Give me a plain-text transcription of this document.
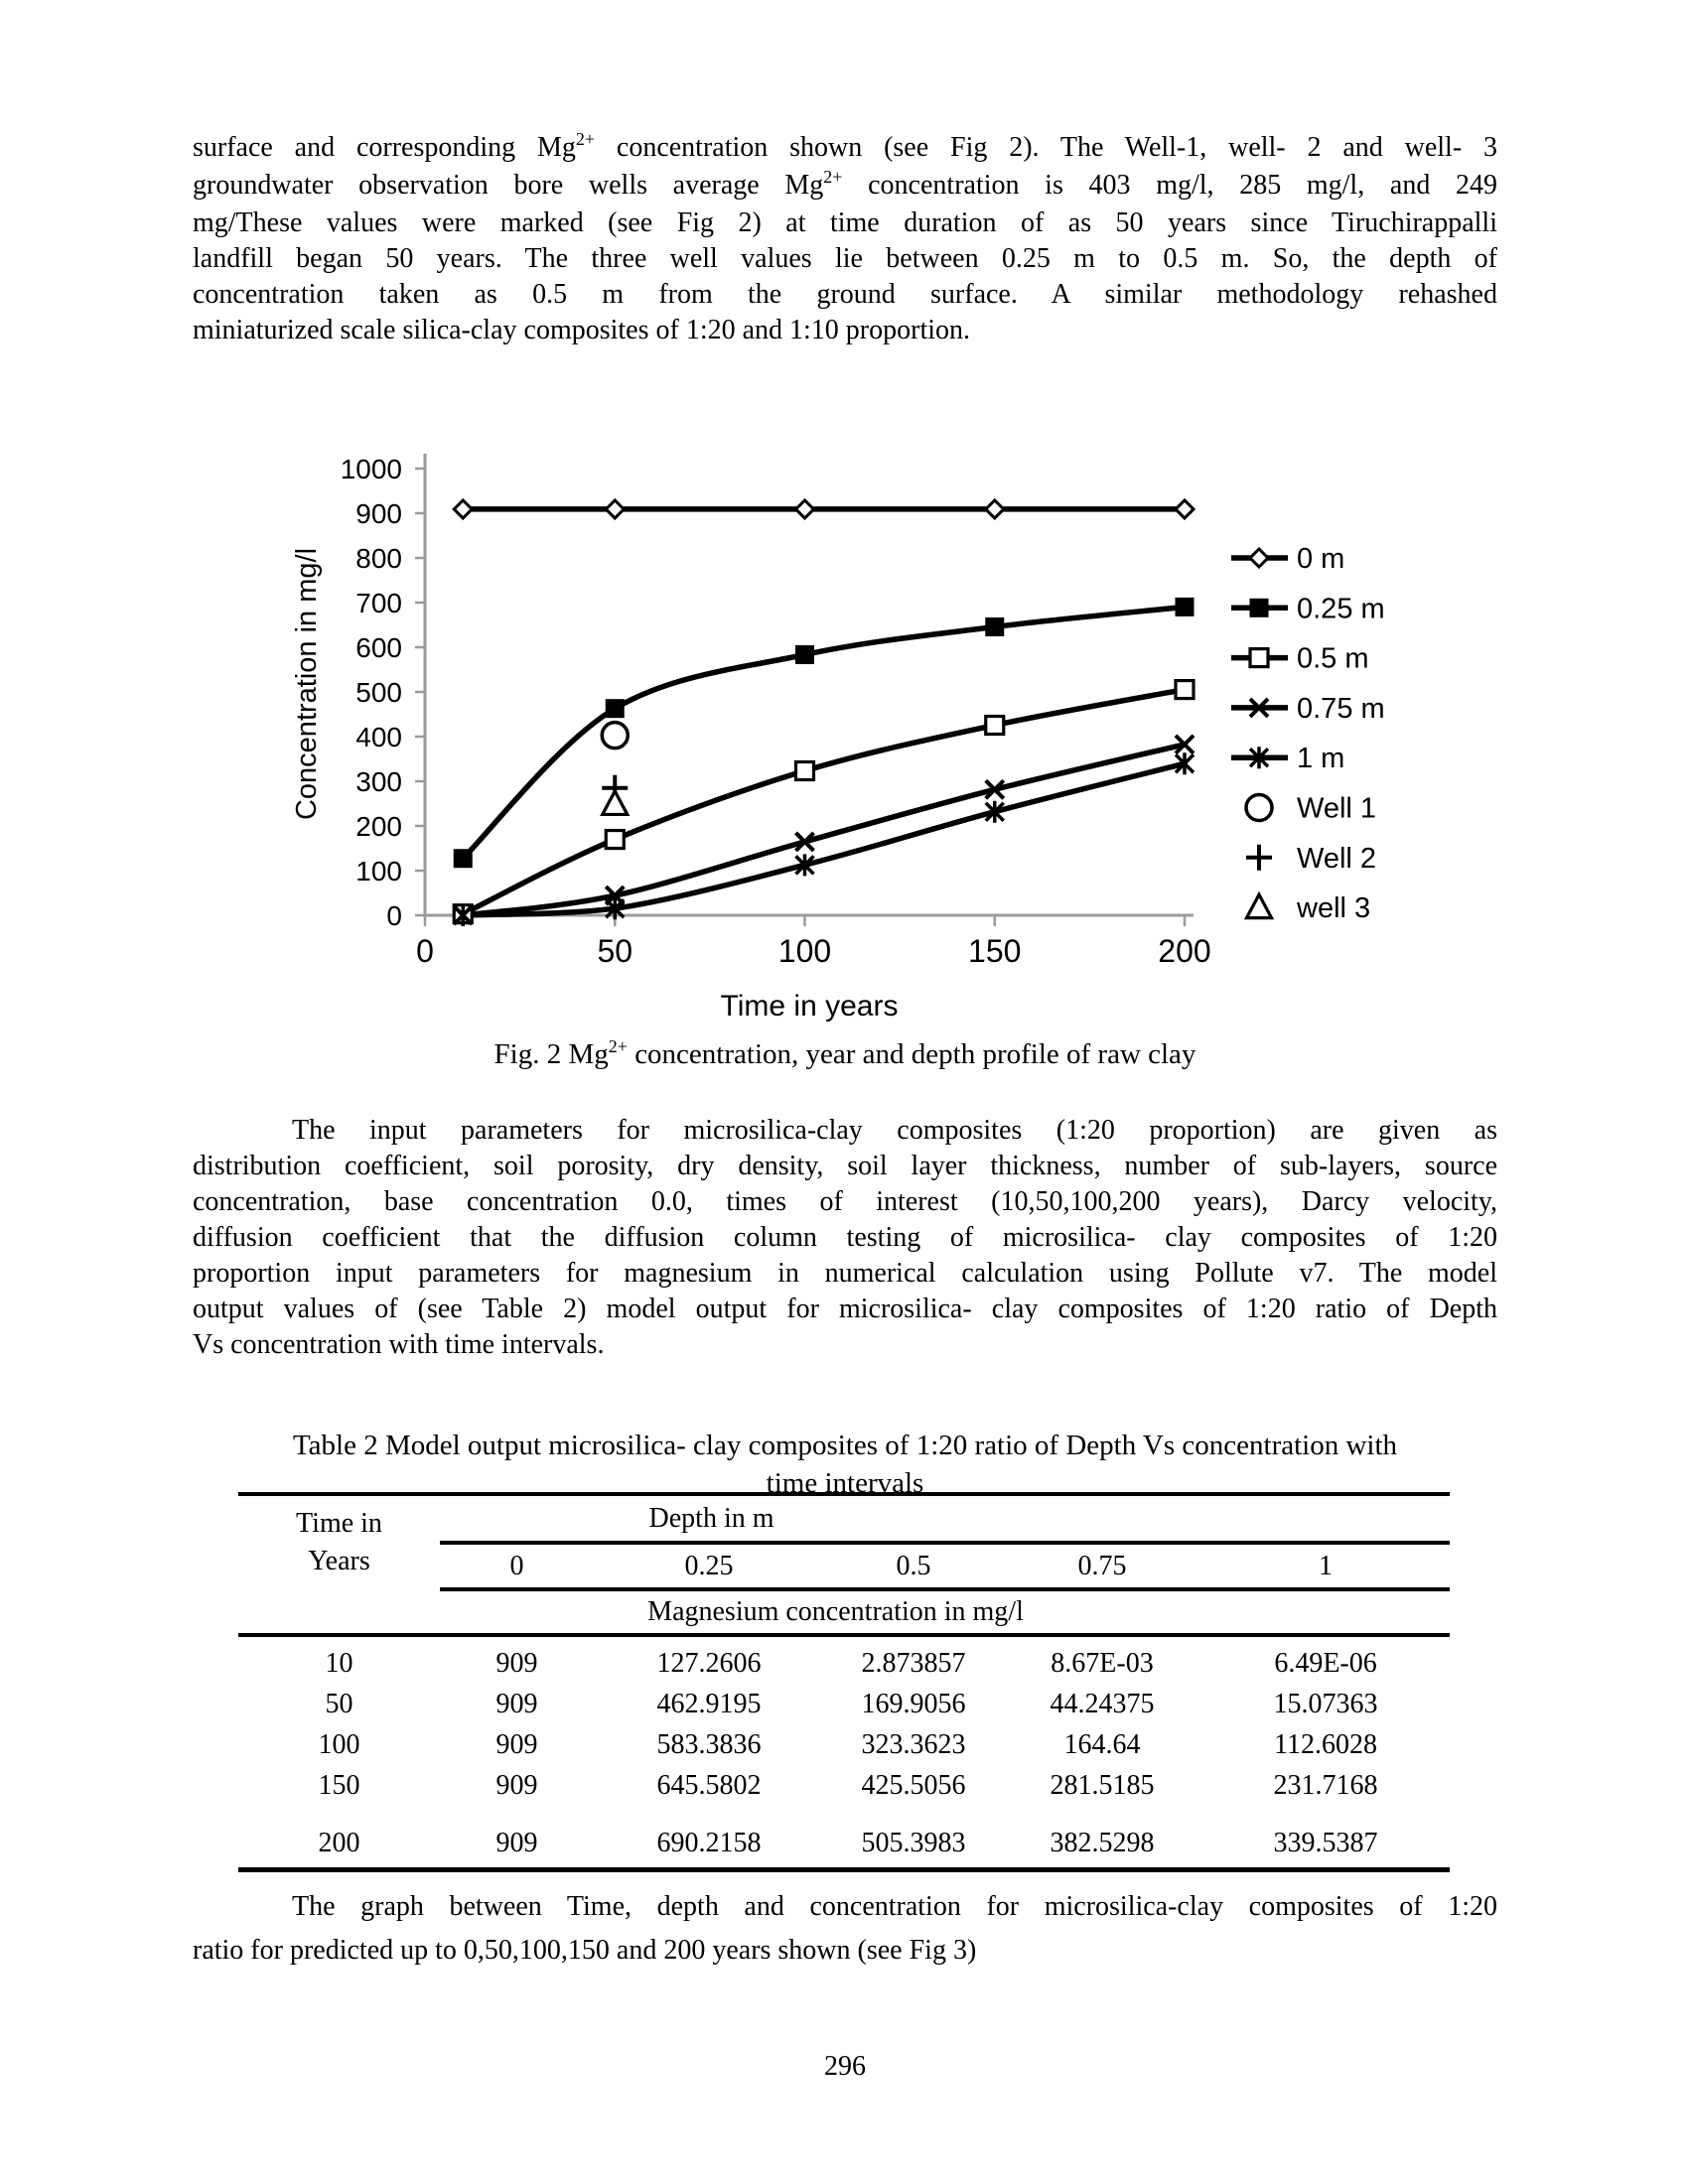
surface and corresponding $Mg^{2+}$ concentration shown (see Fig 2). The Well-1, well- 2 and well- 3
groundwater observation bore wells average $Mg^{2+}$ concentration is 403 mg/l, 285 mg/l, and 249
mg/These values were marked (see Fig 2) at time duration of as 50 years since Tiruchirappalli
landfill began 50 years. The three well values lie between 0.25 m to 0.5 m. So, the depth of
concentration taken as 0.5 m from the ground surface. A similar methodology rehashed
miniaturized scale silica-clay composites of 1:20 and 1:10 proportion.
0
100
200
300
400
500
600
700
800
900
1000
0	50	100	150	200
Concentration in mg/l
Time in years
0 m
0.25 m
0.5 m
0.75 m
1 m
Well 1
Well 2
well 3
Fig. 2 $Mg^{2+}$ concentration, year and depth profile of raw clay
The input parameters for microsilica-clay composites (1:20 proportion) are given as
distribution coefficient, soil porosity, dry density, soil layer thickness, number of sub-layers, source
concentration, base concentration 0.0, times of interest (10,50,100,200 years), Darcy velocity,
diffusion coefficient that the diffusion column testing of microsilica- clay composites of 1:20
proportion input parameters for magnesium in numerical calculation using Pollute v7. The model
output values of (see Table 2) model output for microsilica- clay composites of 1:20 ratio of Depth
Vs concentration with time intervals.
Table 2 Model output microsilica- clay composites of 1:20 ratio of Depth Vs concentration with
time intervals
Time in
Years	Depth in m				
	0	0.25	0.5	0.75	1
	Magnesium concentration in mg/l				
10	909	127.2606	2.873857	8.67E-03	6.49E-06
50	909	462.9195	169.9056	44.24375	15.07363
100	909	583.3836	323.3623	164.64	112.6028
150	909	645.5802	425.5056	281.5185	231.7168
200	909	690.2158	505.3983	382.5298	339.5387
The graph between Time, depth and concentration for microsilica-clay composites of 1:20
ratio for predicted up to 0,50,100,150 and 200 years shown (see Fig 3)
296
